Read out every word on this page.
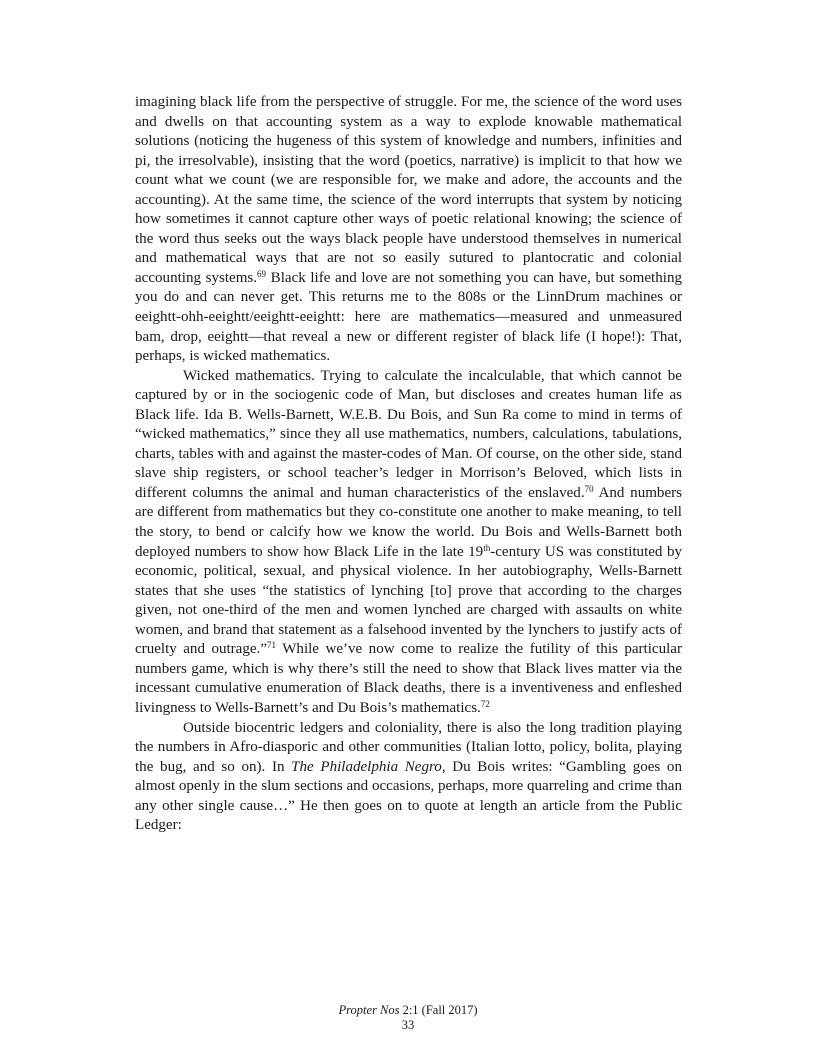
imagining black life from the perspective of struggle. For me, the science of the word uses and dwells on that accounting system as a way to explode knowable mathematical solutions (noticing the hugeness of this system of knowledge and numbers, infinities and pi, the irresolvable), insisting that the word (poetics, narrative) is implicit to that how we count what we count (we are responsible for, we make and adore, the accounts and the accounting). At the same time, the science of the word interrupts that system by noticing how sometimes it cannot capture other ways of poetic relational knowing; the science of the word thus seeks out the ways black people have understood themselves in numerical and mathematical ways that are not so easily sutured to plantocratic and colonial accounting systems.$^{69}$ Black life and love are not something you can have, but something you do and can never get. This returns me to the 808s or the LinnDrum machines or eeightt-ohh-eeightt/eeightt-eeightt: here are mathematics—measured and unmeasured bam, drop, eeightt—that reveal a new or different register of black life (I hope!): That, perhaps, is wicked mathematics.

Wicked mathematics. Trying to calculate the incalculable, that which cannot be captured by or in the sociogenic code of Man, but discloses and creates human life as Black life. Ida B. Wells-Barnett, W.E.B. Du Bois, and Sun Ra come to mind in terms of “wicked mathematics,” since they all use mathematics, numbers, calculations, tabulations, charts, tables with and against the master-codes of Man. Of course, on the other side, stand slave ship registers, or school teacher’s ledger in Morrison’s Beloved, which lists in different columns the animal and human characteristics of the enslaved.$^{70}$ And numbers are different from mathematics but they co-constitute one another to make meaning, to tell the story, to bend or calcify how we know the world. Du Bois and Wells-Barnett both deployed numbers to show how Black Life in the late 19th-century US was constituted by economic, political, sexual, and physical violence. In her autobiography, Wells-Barnett states that she uses “the statistics of lynching [to] prove that according to the charges given, not one-third of the men and women lynched are charged with assaults on white women, and brand that statement as a falsehood invented by the lynchers to justify acts of cruelty and outrage.”$^{71}$ While we’ve now come to realize the futility of this particular numbers game, which is why there’s still the need to show that Black lives matter via the incessant cumulative enumeration of Black deaths, there is a inventiveness and enfleshed livingness to Wells-Barnett’s and Du Bois’s mathematics.$^{72}$

Outside biocentric ledgers and coloniality, there is also the long tradition playing the numbers in Afro-diasporic and other communities (Italian lotto, policy, bolita, playing the bug, and so on). In The Philadelphia Negro, Du Bois writes: “Gambling goes on almost openly in the slum sections and occasions, perhaps, more quarreling and crime than any other single cause…” He then goes on to quote at length an article from the Public Ledger:

Propter Nos 2:1 (Fall 2017)
33
